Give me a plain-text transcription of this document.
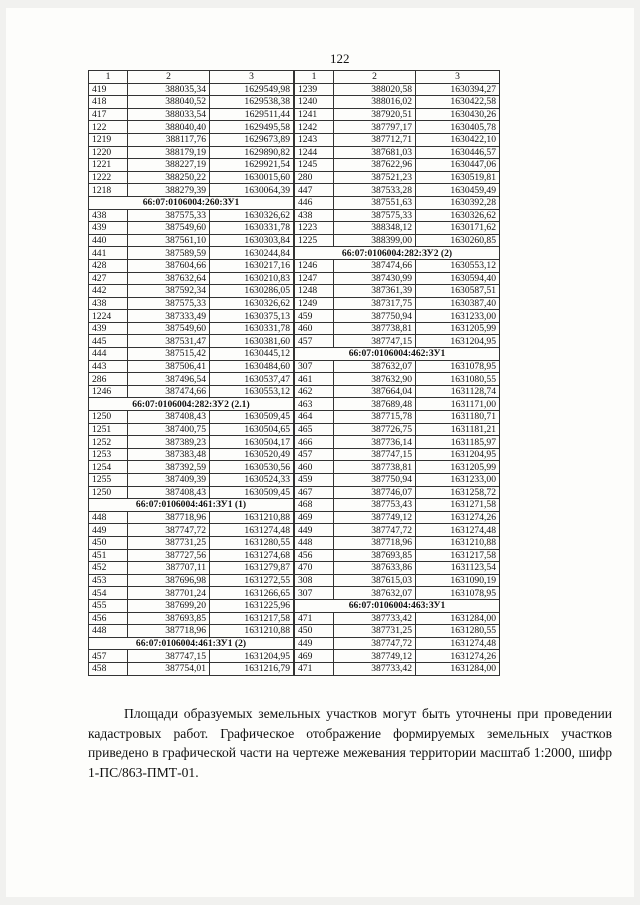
122
1	2	3
419	388035,34	1629549,98
418	388040,52	1629538,38
417	388033,54	1629511,44
122	388040,40	1629495,58
1219	388117,76	1629673,89
1220	388179,19	1629890,82
1221	388227,19	1629921,54
1222	388250,22	1630015,60
1218	388279,39	1630064,39
66:07:0106004:260:ЗУ1		
438	387575,33	1630326,62
439	387549,60	1630331,78
440	387561,10	1630303,84
441	387589,59	1630244,84
428	387604,66	1630217,16
427	387632,64	1630210,83
442	387592,34	1630286,05
438	387575,33	1630326,62
1224	387333,49	1630375,13
439	387549,60	1630331,78
445	387531,47	1630381,60
444	387515,42	1630445,12
443	387506,41	1630484,60
286	387496,54	1630537,47
1246	387474,66	1630553,12
66:07:0106004:282:ЗУ2 (2.1)		
1250	387408,43	1630509,45
1251	387400,75	1630504,65
1252	387389,23	1630504,17
1253	387383,48	1630520,49
1254	387392,59	1630530,56
1255	387409,39	1630524,33
1250	387408,43	1630509,45
66:07:0106004:461:ЗУ1 (1)		
448	387718,96	1631210,88
449	387747,72	1631274,48
450	387731,25	1631280,55
451	387727,56	1631274,68
452	387707,11	1631279,87
453	387696,98	1631272,55
454	387701,24	1631266,65
455	387699,20	1631225,96
456	387693,85	1631217,58
448	387718,96	1631210,88
66:07:0106004:461:ЗУ1 (2)		
457	387747,15	1631204,95
458	387754,01	1631216,79
1	2	3
1239	388020,58	1630394,27
1240	388016,02	1630422,58
1241	387920,51	1630430,26
1242	387797,17	1630405,78
1243	387712,71	1630422,10
1244	387681,03	1630446,57
1245	387622,96	1630447,06
280	387521,23	1630519,81
447	387533,28	1630459,49
446	387551,63	1630392,28
438	387575,33	1630326,62
1223	388348,12	1630171,62
1225	388399,00	1630260,85
66:07:0106004:282:ЗУ2 (2)		
1246	387474,66	1630553,12
1247	387430,99	1630594,40
1248	387361,39	1630587,51
1249	387317,75	1630387,40
459	387750,94	1631233,00
460	387738,81	1631205,99
457	387747,15	1631204,95
66:07:0106004:462:ЗУ1		
307	387632,07	1631078,95
461	387632,90	1631080,55
462	387664,04	1631128,74
463	387689,48	1631171,00
464	387715,78	1631180,71
465	387726,75	1631181,21
466	387736,14	1631185,97
457	387747,15	1631204,95
460	387738,81	1631205,99
459	387750,94	1631233,00
467	387746,07	1631258,72
468	387753,43	1631271,58
469	387749,12	1631274,26
449	387747,72	1631274,48
448	387718,96	1631210,88
456	387693,85	1631217,58
470	387633,86	1631123,54
308	387615,03	1631090,19
307	387632,07	1631078,95
66:07:0106004:463:ЗУ1		
471	387733,42	1631284,00
450	387731,25	1631280,55
449	387747,72	1631274,48
469	387749,12	1631274,26
471	387733,42	1631284,00

Площади образуемых земельных участков могут быть уточнены при проведении кадастровых работ. Графическое отображение формируемых земельных участков приведено в графической части на чертеже межевания территории масштаб 1:2000, шифр 1-ПС/863-ПМТ-01.
